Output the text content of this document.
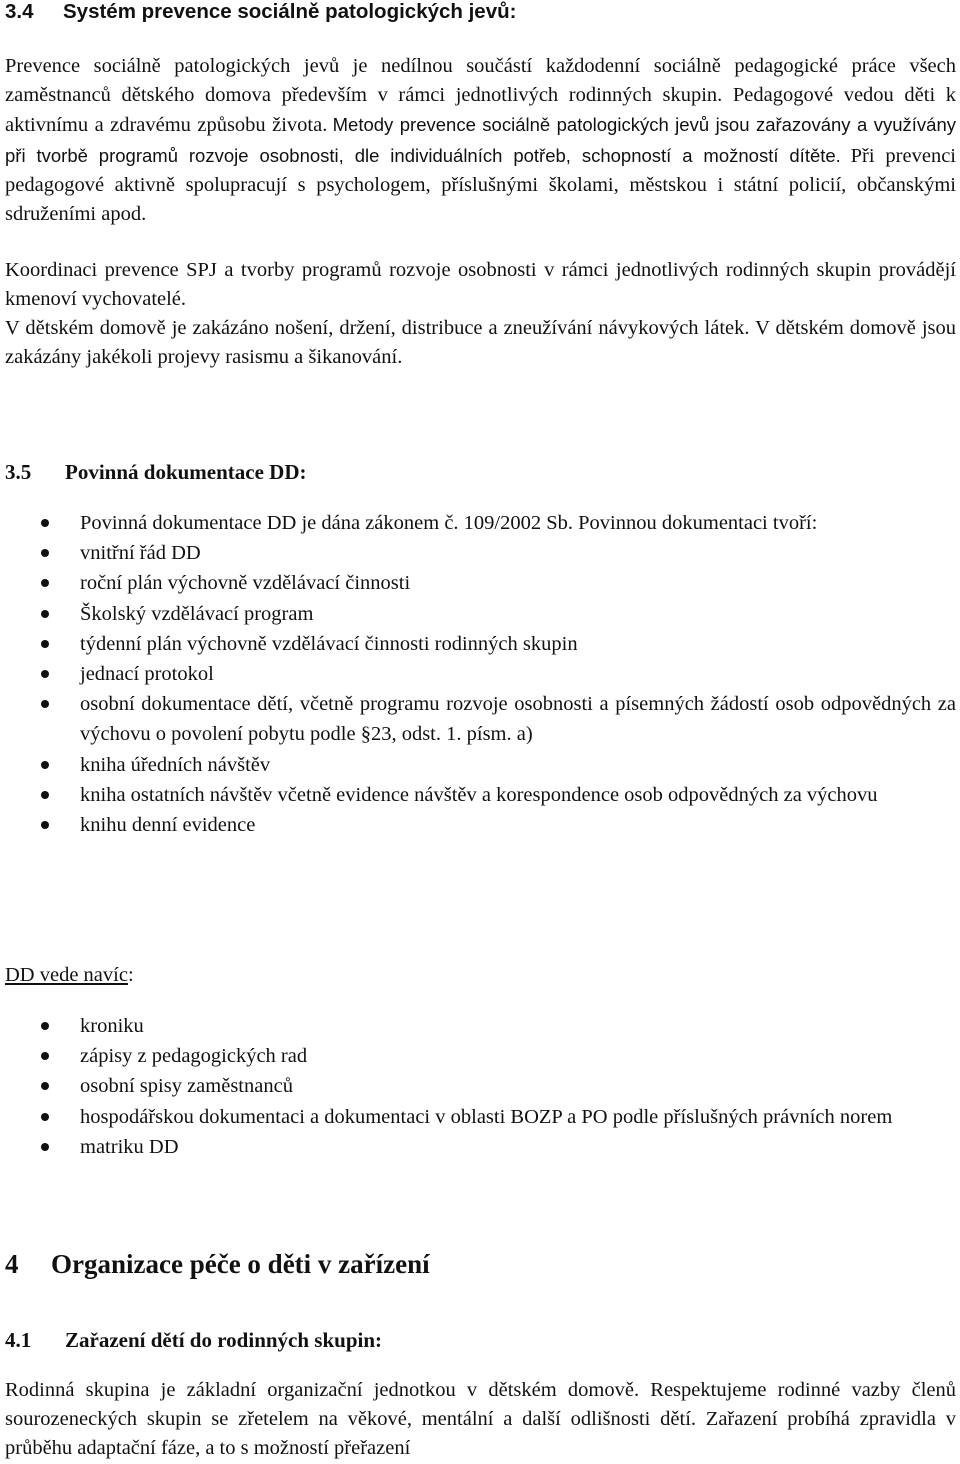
3.4 Systém prevence sociálně patologických jevů:
Prevence sociálně patologických jevů je nedílnou součástí každodenní sociálně pedagogické práce všech zaměstnanců dětského domova především v rámci jednotlivých rodinných skupin. Pedagogové vedou děti k aktivnímu a zdravému způsobu života. Metody prevence sociálně patologických jevů jsou zařazovány a využívány při tvorbě programů rozvoje osobnosti, dle individuálních potřeb, schopností a možností dítěte. Při prevenci pedagogové aktivně spolupracují s psychologem, příslušnými školami, městskou i státní policií, občanskými sdruženími apod.
Koordinaci prevence SPJ a tvorby programů rozvoje osobnosti v rámci jednotlivých rodinných skupin provádějí kmenoví vychovatelé.
V dětském domově je zakázáno nošení, držení, distribuce a zneužívání návykových látek. V dětském domově jsou zakázány jakékoli projevy rasismu a šikanování.
3.5 Povinná dokumentace DD:
Povinná dokumentace DD je dána zákonem č. 109/2002 Sb. Povinnou dokumentaci tvoří:
vnitřní řád DD
roční plán výchovně vzdělávací činnosti
Školský vzdělávací program
týdenní plán výchovně vzdělávací činnosti rodinných skupin
jednací protokol
osobní dokumentace dětí, včetně programu rozvoje osobnosti a písemných žádostí osob odpovědných za výchovu o povolení pobytu podle §23, odst. 1. písm. a)
kniha úředních návštěv
kniha ostatních návštěv včetně evidence návštěv a korespondence osob odpovědných za výchovu
knihu denní evidence
DD vede navíc:
kroniku
zápisy z pedagogických rad
osobní spisy zaměstnanců
hospodářskou dokumentaci a dokumentaci v oblasti BOZP a PO podle příslušných právních norem
matriku DD
4 Organizace péče o děti v zařízení
4.1 Zařazení dětí do rodinných skupin:
Rodinná skupina je základní organizační jednotkou v dětském domově. Respektujeme rodinné vazby členů sourozeneckých skupin se zřetelem na věkové, mentální a další odlišnosti dětí. Zařazení probíhá zpravidla v průběhu adaptační fáze, a to s možností přeřazení
